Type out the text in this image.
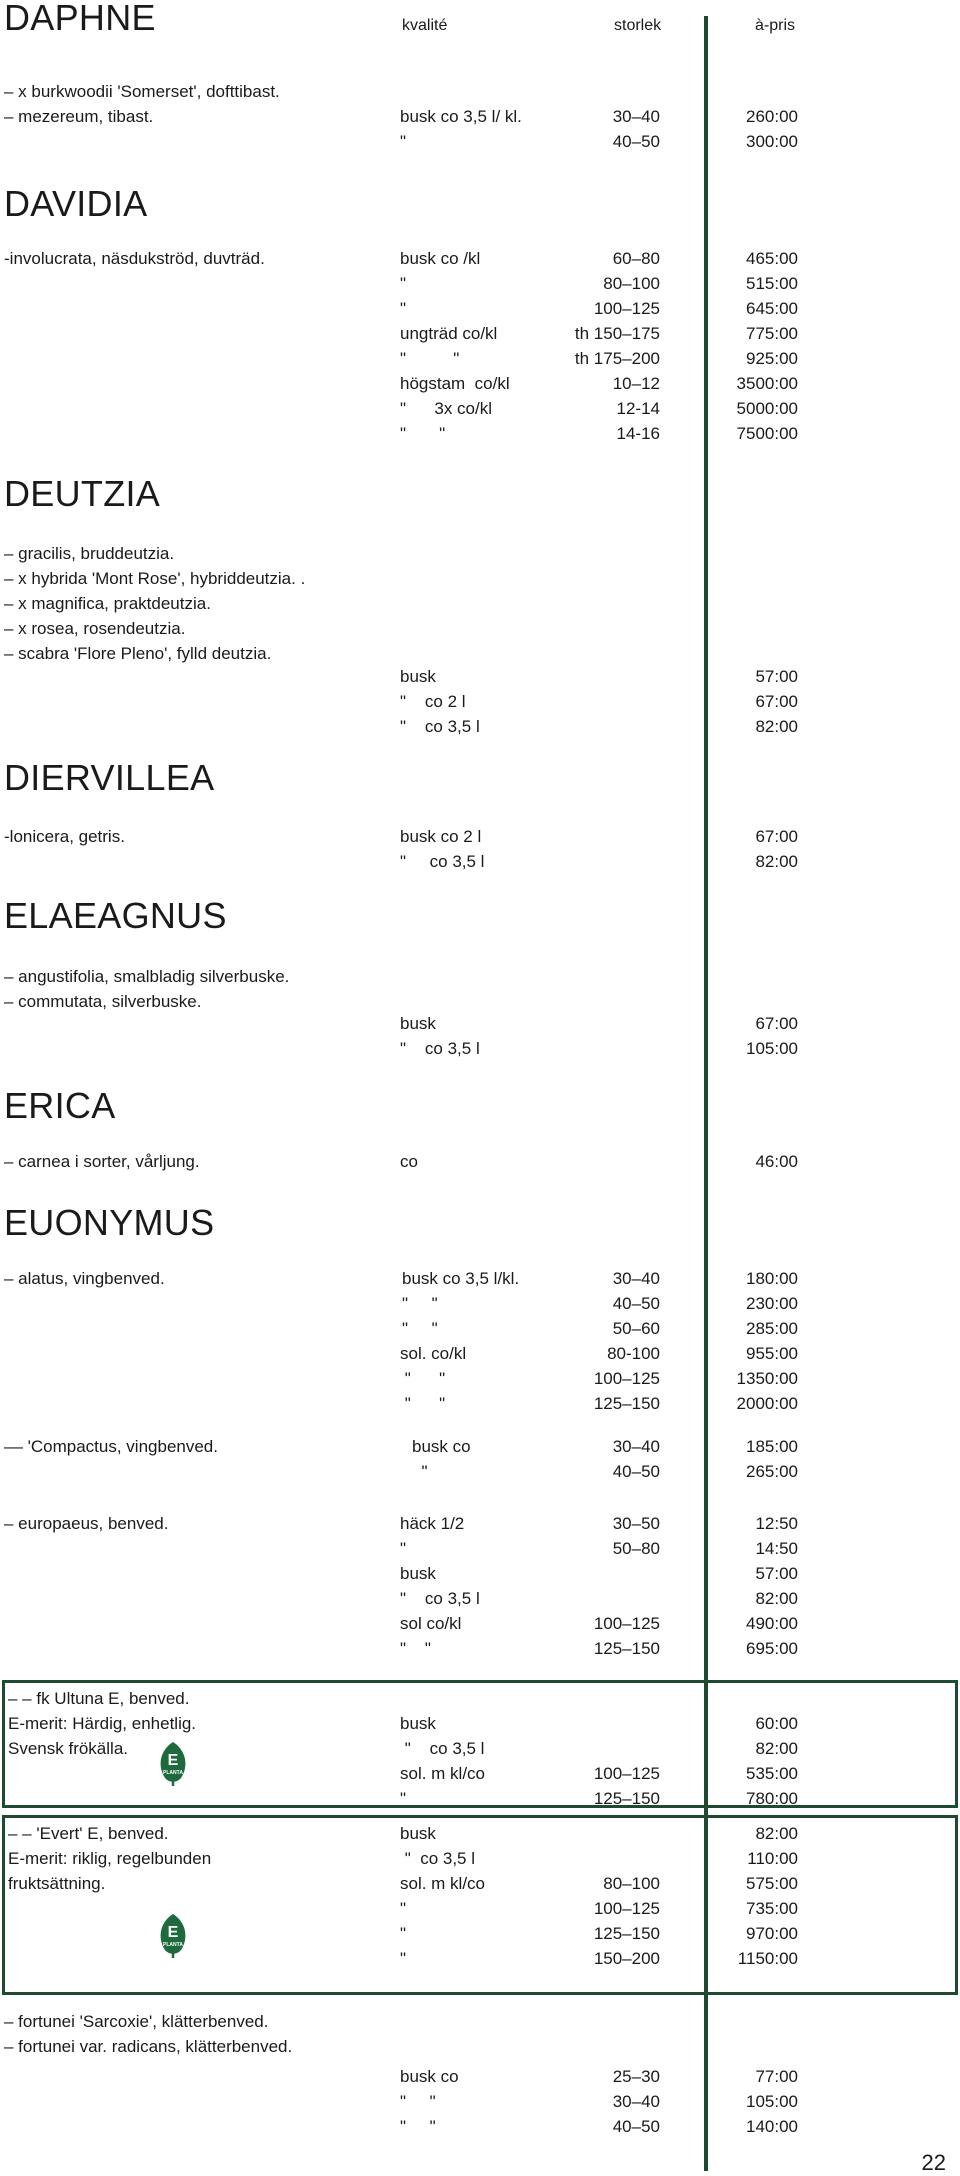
kvalité	storlek	à-pris
DAPHNE
– x burkwoodii 'Somerset', dofttibast.
– mezereum, tibast.	busk co 3,5 l/ kl.	30–40	260:00
"	40–50	300:00
DAVIDIA
-involucrata, näsdukströd, duvträd.	busk co /kl	60–80	465:00
"	80–100	515:00
"	100–125	645:00
ungträd co/kl	th 150–175	775:00
"          "	th 175–200	925:00
högstam  co/kl	10–12	3500:00
"      3x co/kl	12-14	5000:00
"       "	14-16	7500:00
DEUTZIA
– gracilis, bruddeutzia.
– x hybrida 'Mont Rose', hybriddeutzia. .
– x magnifica, praktdeutzia.
– x rosea, rosendeutzia.
– scabra 'Flore Pleno', fylld deutzia.
busk	57:00
"    co 2 l	67:00
"    co 3,5 l	82:00
DIERVILLEA
-lonicera, getris.	busk co 2 l	67:00
"     co 3,5 l	82:00
ELAEAGNUS
– angustifolia, smalbladig silverbuske.
– commutata, silverbuske.
busk	67:00
"    co 3,5 l	105:00
ERICA
– carnea i sorter, vårljung.	co	46:00
EUONYMUS
– alatus, vingbenved.	busk co 3,5 l/kl.	30–40	180:00
"     "	40–50	230:00
"     "	50–60	285:00
sol. co/kl	80-100	955:00
"      "	100–125	1350:00
"      "	125–150	2000:00
–– 'Compactus, vingbenved.	busk co	30–40	185:00
"	40–50	265:00
– europaeus, benved.	häck 1/2	30–50	12:50
"	50–80	14:50
busk	57:00
"    co 3,5 l	82:00
sol co/kl	100–125	490:00
"    "	125–150	695:00
– – fk Ultuna E, benved.
E-merit: Härdig, enhetlig.
Svensk frökälla.
busk	60:00
"    co 3,5 l	82:00
sol. m kl/co	100–125	535:00
"	125–150	780:00
E
PLANTA
– – 'Evert' E, benved.
E-merit: riklig, regelbunden
fruktsättning.
busk	82:00
"  co 3,5 l	110:00
sol. m kl/co	80–100	575:00
"	100–125	735:00
"	125–150	970:00
"	150–200	1150:00
E
PLANTA
– fortunei 'Sarcoxie', klätterbenved.
– fortunei var. radicans, klätterbenved.
busk co	25–30	77:00
"     "	30–40	105:00
"     "	40–50	140:00
22
